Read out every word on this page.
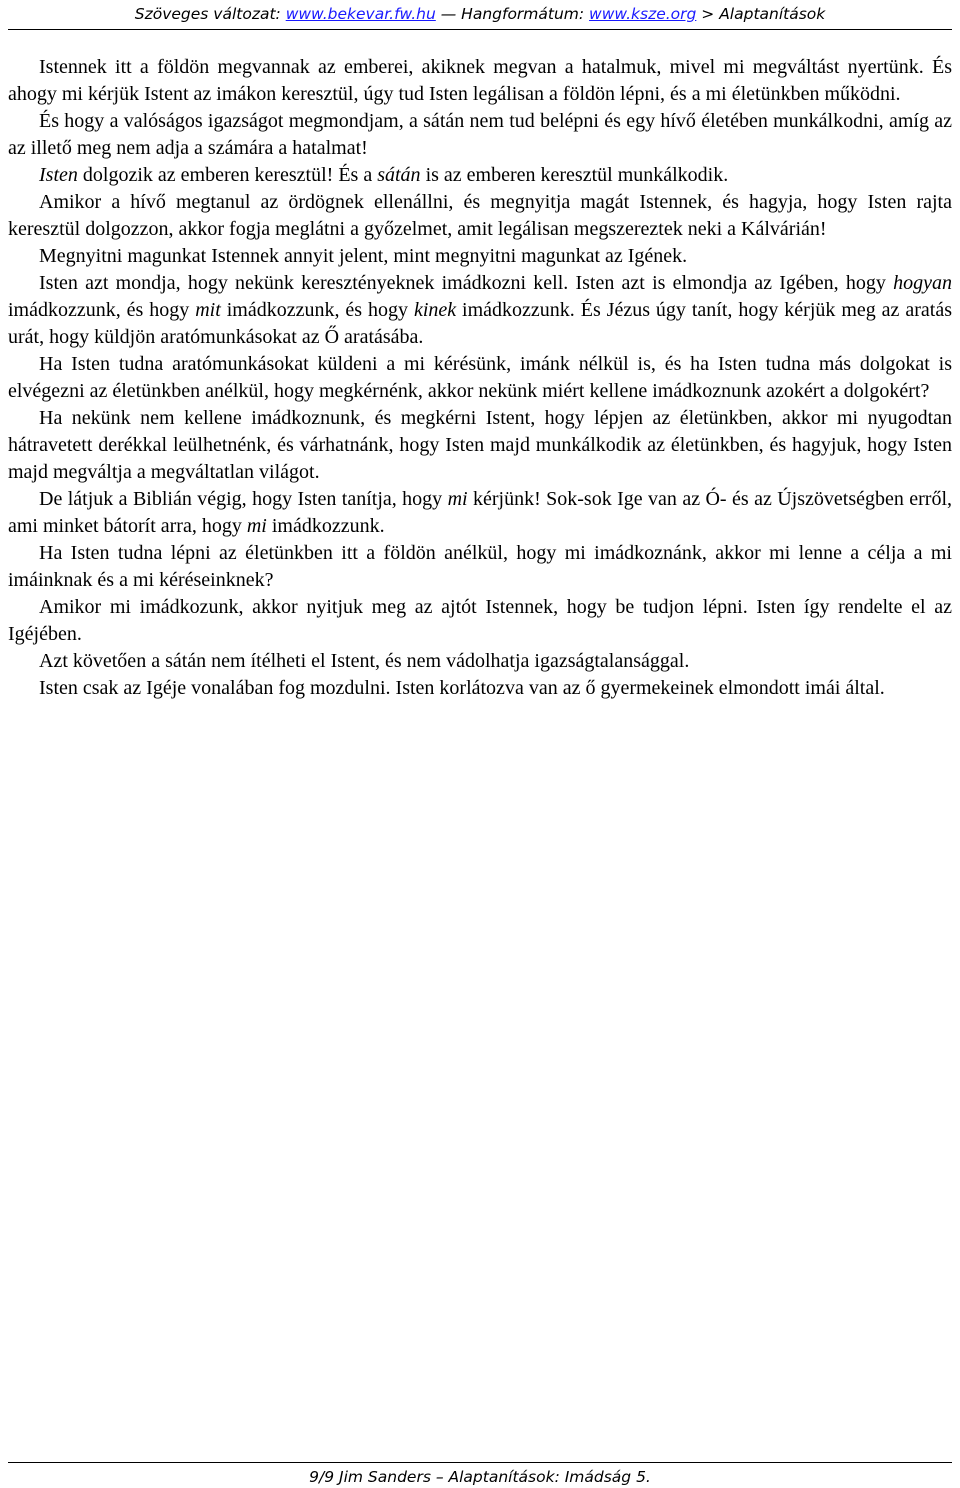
Szöveges változat: www.bekevar.fw.hu — Hangformátum: www.ksze.org > Alaptanítások

Istennek itt a földön megvannak az emberei, akiknek megvan a hatalmuk, mivel mi megváltást nyertünk. És ahogy mi kérjük Istent az imákon keresztül, úgy tud Isten legálisan a földön lépni, és a mi életünkben működni.

És hogy a valóságos igazságot megmondjam, a sátán nem tud belépni és egy hívő életében munkálkodni, amíg az az illető meg nem adja a számára a hatalmat!

Isten dolgozik az emberen keresztül! És a sátán is az emberen keresztül munkálkodik.

Amikor a hívő megtanul az ördögnek ellenállni, és megnyitja magát Istennek, és hagyja, hogy Isten rajta keresztül dolgozzon, akkor fogja meglátni a győzelmet, amit legálisan megszereztek neki a Kálvárián!

Megnyitni magunkat Istennek annyit jelent, mint megnyitni magunkat az Igének.

Isten azt mondja, hogy nekünk keresztényeknek imádkozni kell. Isten azt is elmondja az Igében, hogy hogyan imádkozzunk, és hogy mit imádkozzunk, és hogy kinek imádkozzunk. És Jézus úgy tanít, hogy kérjük meg az aratás urát, hogy küldjön aratómunkásokat az Ő aratásába.

Ha Isten tudna aratómunkásokat küldeni a mi kérésünk, imánk nélkül is, és ha Isten tudna más dolgokat is elvégezni az életünkben anélkül, hogy megkérnénk, akkor nekünk miért kellene imádkoznunk azokért a dolgokért?

Ha nekünk nem kellene imádkoznunk, és megkérni Istent, hogy lépjen az életünkben, akkor mi nyugodtan hátravetett derékkal leülhetnénk, és várhatnánk, hogy Isten majd munkálkodik az életünkben, és hagyjuk, hogy Isten majd megváltja a megváltatlan világot.

De látjuk a Biblián végig, hogy Isten tanítja, hogy mi kérjünk! Sok-sok Ige van az Ó- és az Újszövetségben erről, ami minket bátorít arra, hogy mi imádkozzunk.

Ha Isten tudna lépni az életünkben itt a földön anélkül, hogy mi imádkoznánk, akkor mi lenne a célja a mi imáinknak és a mi kéréseinknek?

Amikor mi imádkozunk, akkor nyitjuk meg az ajtót Istennek, hogy be tudjon lépni. Isten így rendelte el az Igéjében.

Azt követően a sátán nem ítélheti el Istent, és nem vádolhatja igazságtalansággal.

Isten csak az Igéje vonalában fog mozdulni. Isten korlátozva van az ő gyermekeinek elmondott imái által.

9/9 Jim Sanders – Alaptanítások: Imádság 5.
